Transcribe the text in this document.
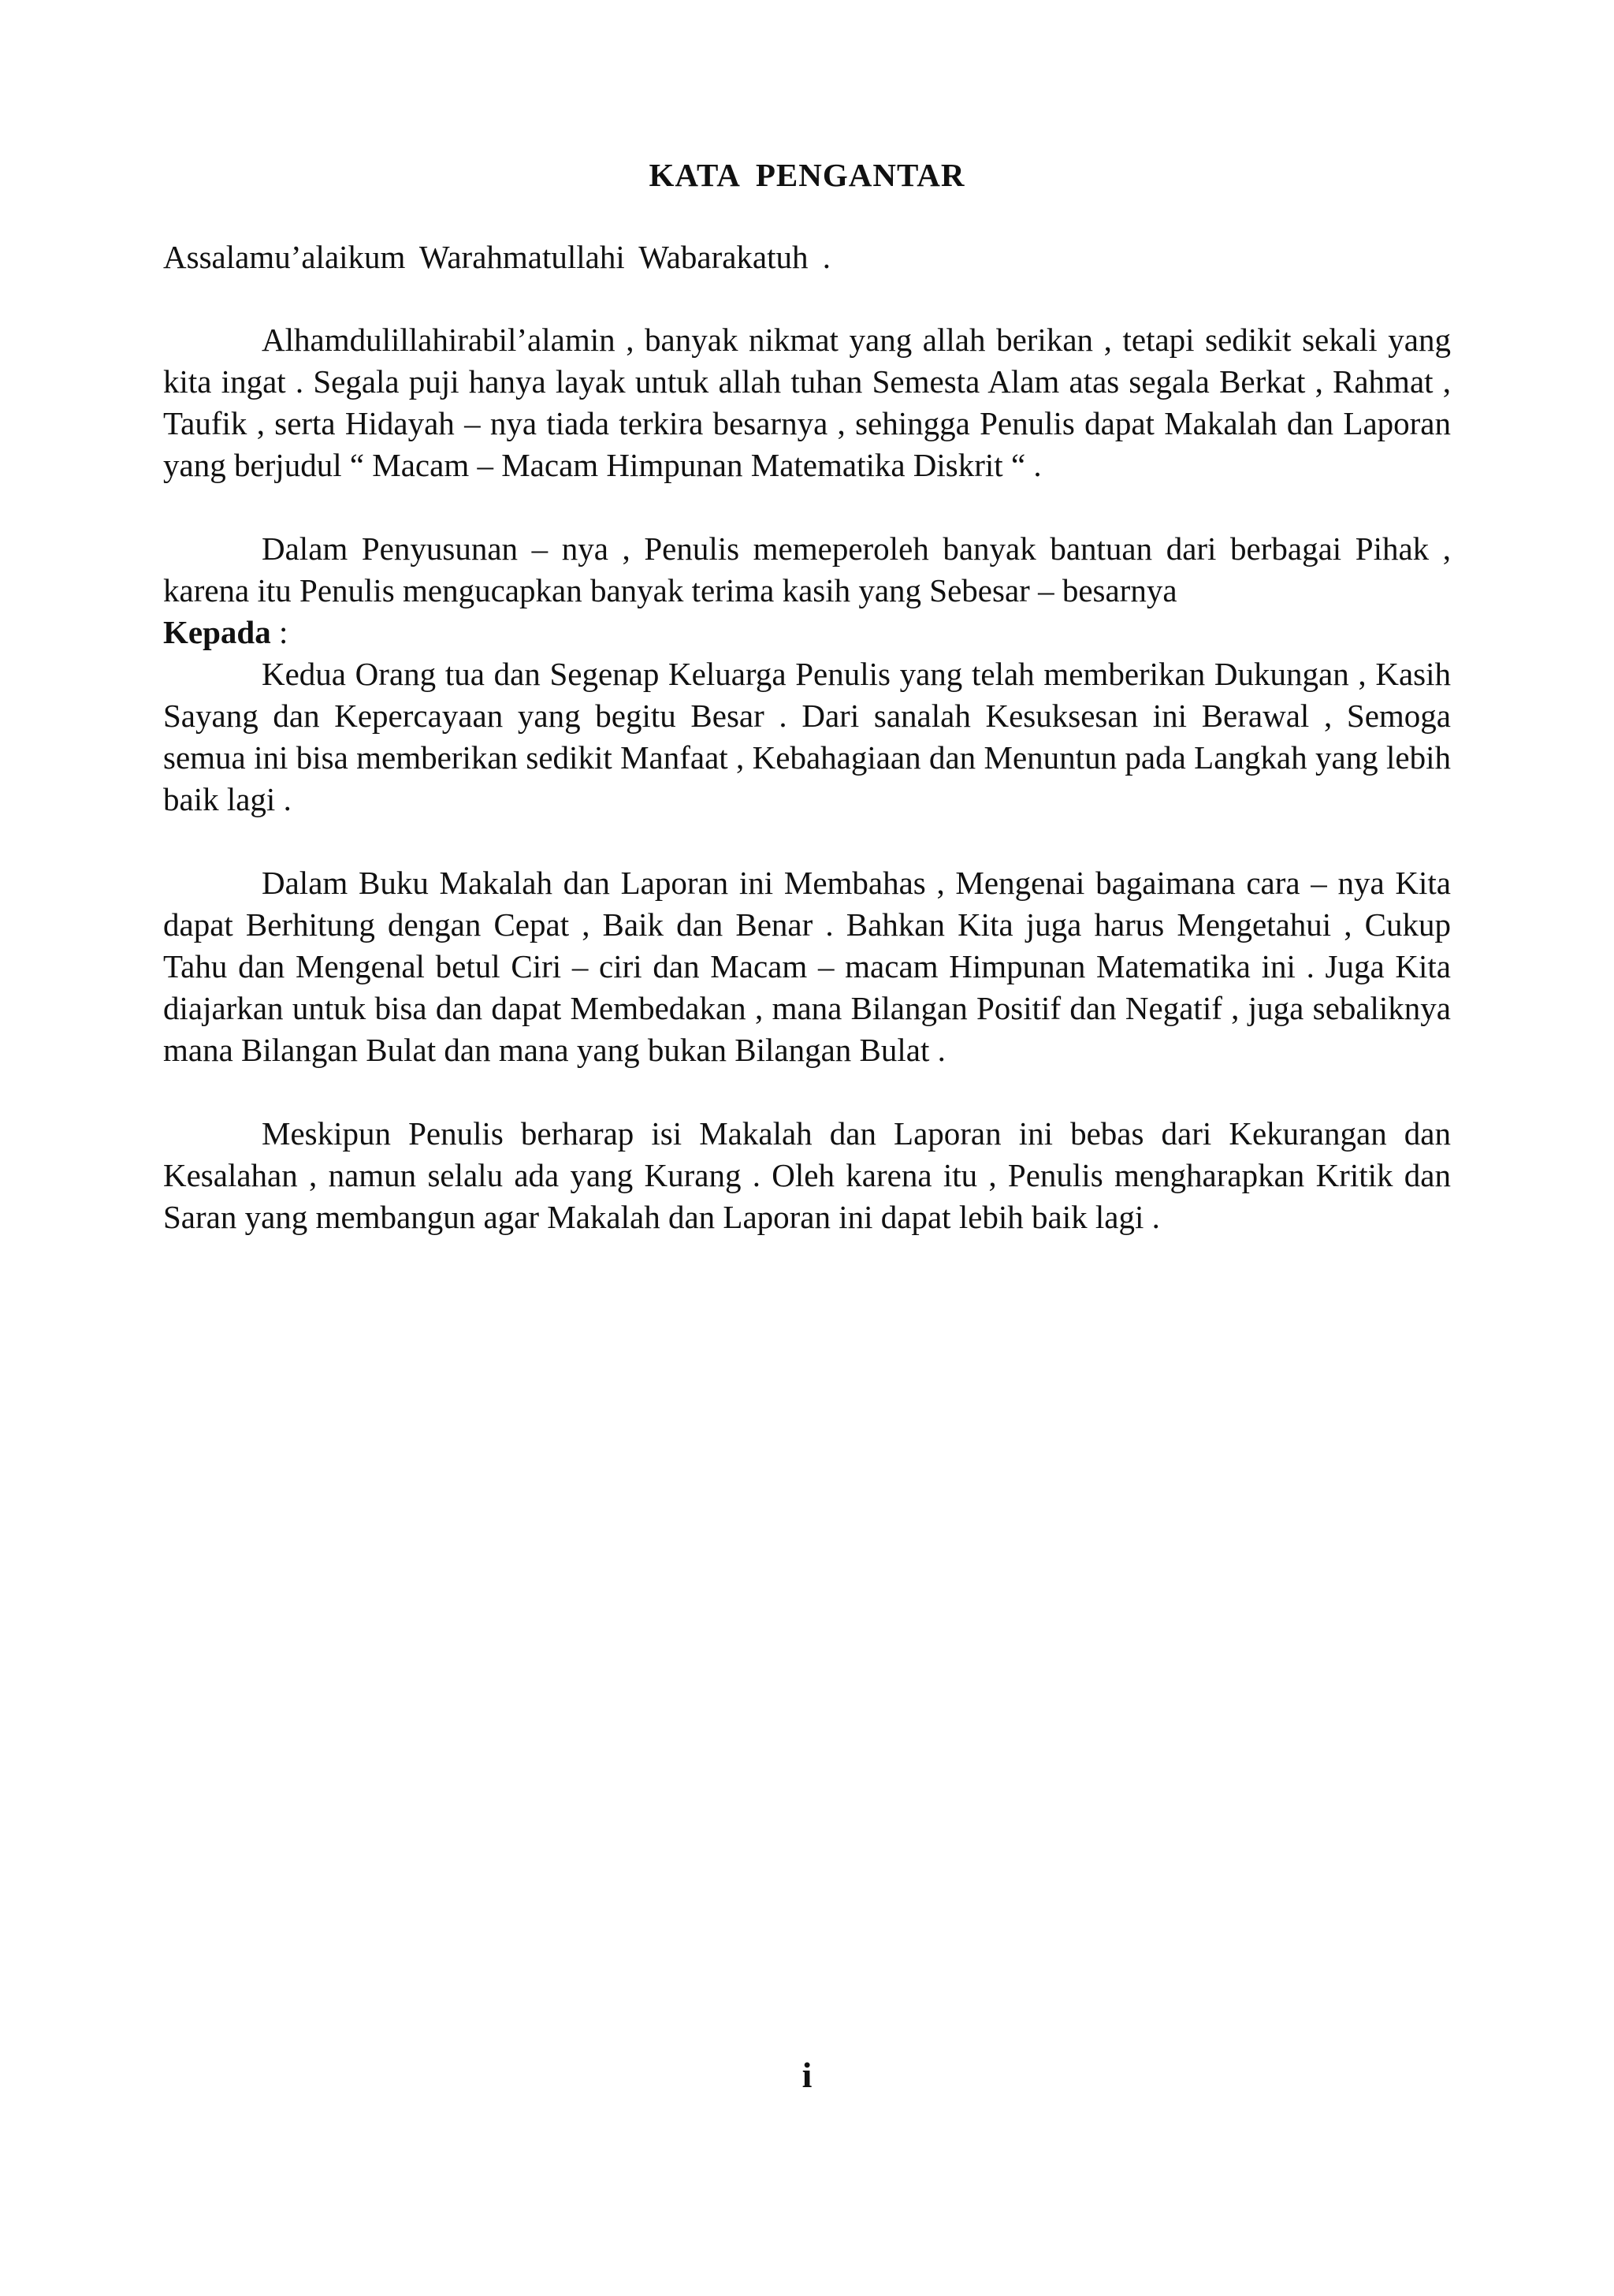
KATA PENGANTAR

Assalamu’alaikum Warahmatullahi Wabarakatuh .

Alhamdulillahirabil’alamin , banyak nikmat yang allah berikan , tetapi sedikit sekali yang kita ingat . Segala puji hanya layak untuk allah tuhan Semesta Alam atas segala Berkat , Rahmat , Taufik , serta Hidayah – nya tiada terkira besarnya , sehingga Penulis dapat Makalah dan Laporan yang berjudul “ Macam – Macam Himpunan Matematika Diskrit “ .

Dalam Penyusunan – nya , Penulis memeperoleh banyak bantuan dari berbagai Pihak , karena itu Penulis mengucapkan banyak terima kasih yang Sebesar – besarnya

Kepada :

Kedua Orang tua dan Segenap Keluarga Penulis yang telah memberikan Dukungan , Kasih Sayang dan Kepercayaan yang begitu Besar . Dari sanalah Kesuksesan ini Berawal , Semoga semua ini bisa memberikan sedikit Manfaat , Kebahagiaan dan Menuntun pada Langkah yang lebih baik lagi .

Dalam Buku Makalah dan Laporan ini Membahas , Mengenai bagaimana cara – nya Kita dapat Berhitung dengan Cepat , Baik dan Benar . Bahkan Kita juga harus Mengetahui , Cukup Tahu dan Mengenal betul Ciri – ciri dan Macam – macam Himpunan Matematika ini . Juga Kita diajarkan untuk bisa dan dapat Membedakan , mana Bilangan Positif dan Negatif , juga sebaliknya mana Bilangan Bulat dan mana yang bukan Bilangan Bulat .

Meskipun Penulis berharap isi Makalah dan Laporan ini bebas dari Kekurangan dan Kesalahan , namun selalu ada yang Kurang . Oleh karena itu , Penulis mengharapkan Kritik dan Saran yang membangun agar Makalah dan Laporan ini dapat lebih baik lagi .

i
